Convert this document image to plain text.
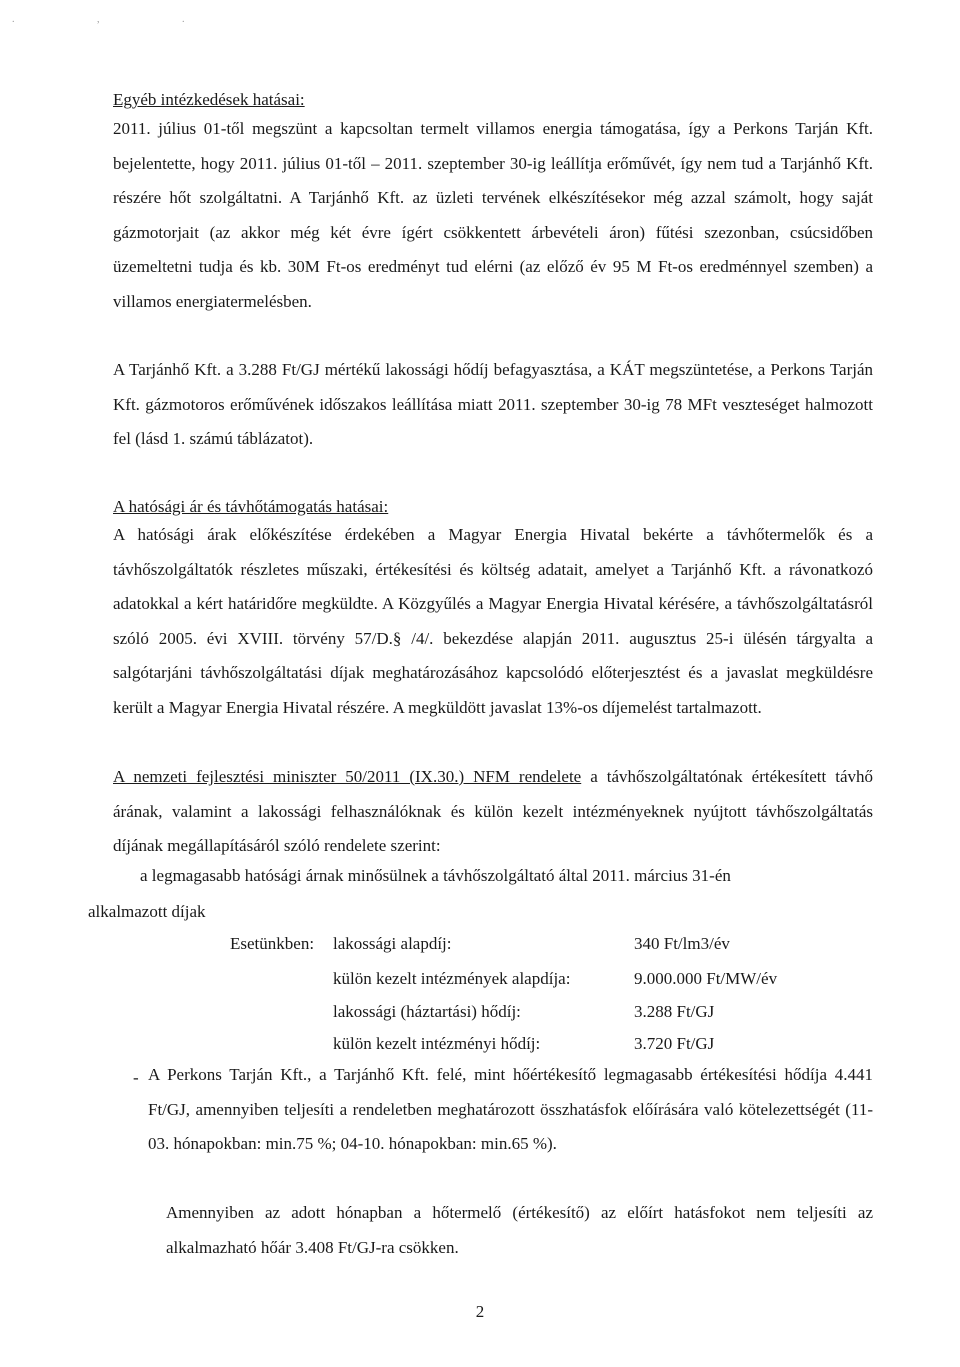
. , .
Egyéb intézkedések hatásai:
2011. július 01-től megszünt a kapcsoltan termelt villamos energia támogatása, így a Perkons Tarján Kft. bejelentette, hogy 2011. július 01-től – 2011. szeptember 30-ig leállítja erőművét, így nem tud a Tarjánhő Kft. részére hőt szolgáltatni. A Tarjánhő Kft. az üzleti tervének elkészítésekor még azzal számolt, hogy saját gázmotorjait (az akkor még két évre ígért csökkentett árbevételi áron) fűtési szezonban, csúcsidőben üzemeltetni tudja és kb. 30M Ft-os eredményt tud elérni (az előző év 95 M Ft-os eredménnyel szemben) a villamos energiatermelésben.
A Tarjánhő Kft. a 3.288 Ft/GJ mértékű lakossági hődíj befagyasztása, a KÁT megszüntetése, a Perkons Tarján Kft. gázmotoros erőművének időszakos leállítása miatt 2011. szeptember 30-ig 78 MFt veszteséget halmozott fel (lásd 1. számú táblázatot).
A hatósági ár és távhőtámogatás hatásai:
A hatósági árak előkészítése érdekében a Magyar Energia Hivatal bekérte a távhőtermelők és a távhőszolgáltatók részletes műszaki, értékesítési és költség adatait, amelyet a Tarjánhő Kft. a rávonatkozó adatokkal a kért határidőre megküldte. A Közgyűlés a Magyar Energia Hivatal kérésére, a távhőszolgáltatásról szóló 2005. évi XVIII. törvény 57/D.§ /4/. bekezdése alapján 2011. augusztus 25-i ülésén tárgyalta a salgótarjáni távhőszolgáltatási díjak meghatározásához kapcsolódó előterjesztést és a javaslat megküldésre került a Magyar Energia Hivatal részére. A megküldött javaslat 13%-os díjemelést tartalmazott.
A nemzeti fejlesztési miniszter 50/2011 (IX.30.) NFM rendelete a távhőszolgáltatónak értékesített távhő árának, valamint a lakossági felhasználóknak és külön kezelt intézményeknek nyújtott távhőszolgáltatás díjának megállapításáról szóló rendelete szerint:
a legmagasabb hatósági árnak minősülnek a távhőszolgáltató által 2011. március 31-én
alkalmazott díjak
Esetünkben: lakossági alapdíj:	340 Ft/lm3/év
külön kezelt intézmények alapdíja:	9.000.000 Ft/MW/év
lakossági (háztartási) hődíj:	3.288 Ft/GJ
külön kezelt intézményi hődíj:	3.720 Ft/GJ
- A Perkons Tarján Kft., a Tarjánhő Kft. felé, mint hőértékesítő legmagasabb értékesítési hődíja 4.441 Ft/GJ, amennyiben teljesíti a rendeletben meghatározott összhatásfok előírására való kötelezettségét (11-03. hónapokban: min.75 %; 04-10. hónapokban: min.65 %).
Amennyiben az adott hónapban a hőtermelő (értékesítő) az előírt hatásfokot nem teljesíti az alkalmazható hőár 3.408 Ft/GJ-ra csökken.
2
